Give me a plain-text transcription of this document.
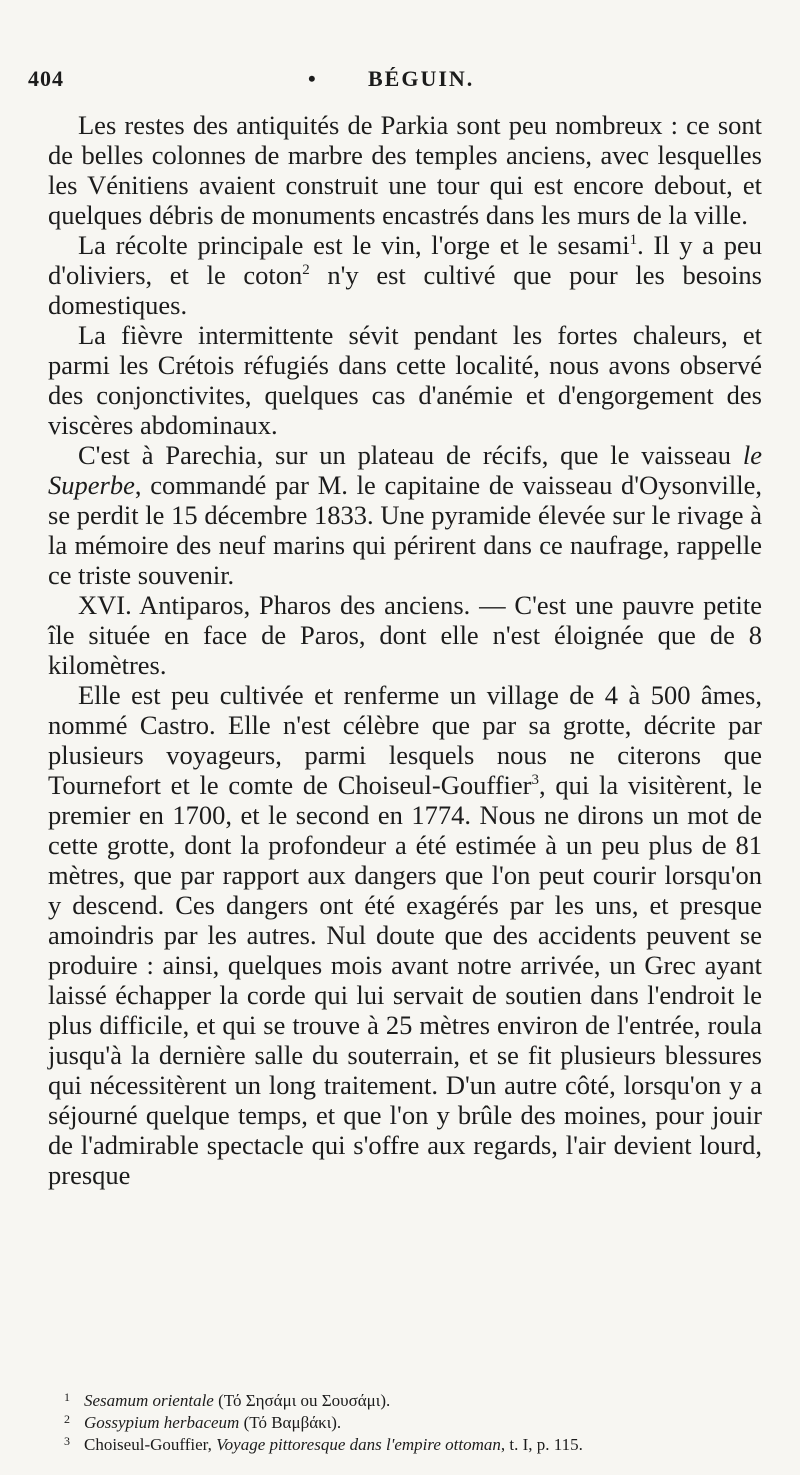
404	• BÉGUIN.

Les restes des antiquités de Parkia sont peu nombreux : ce sont de belles colonnes de marbre des temples anciens, avec lesquelles les Vénitiens avaient construit une tour qui est encore debout, et quelques débris de monuments encastrés dans les murs de la ville.

La récolte principale est le vin, l'orge et le sesami$^1$. Il y a peu d'oliviers, et le coton$^2$ n'y est cultivé que pour les besoins domestiques.

La fièvre intermittente sévit pendant les fortes chaleurs, et parmi les Crétois réfugiés dans cette localité, nous avons observé des conjonctivites, quelques cas d'anémie et d'engorgement des viscères abdominaux.

C'est à Parechia, sur un plateau de récifs, que le vaisseau le Superbe, commandé par M. le capitaine de vaisseau d'Oysonville, se perdit le 15 décembre 1833. Une pyramide élevée sur le rivage à la mémoire des neuf marins qui périrent dans ce naufrage, rappelle ce triste souvenir.

XVI. Antiparos, Pharos des anciens. — C'est une pauvre petite île située en face de Paros, dont elle n'est éloignée que de 8 kilomètres.

Elle est peu cultivée et renferme un village de 4 à 500 âmes, nommé Castro. Elle n'est célèbre que par sa grotte, décrite par plusieurs voyageurs, parmi lesquels nous ne citerons que Tournefort et le comte de Choiseul-Gouffier$^3$, qui la visitèrent, le premier en 1700, et le second en 1774. Nous ne dirons un mot de cette grotte, dont la profondeur a été estimée à un peu plus de 81 mètres, que par rapport aux dangers que l'on peut courir lorsqu'on y descend. Ces dangers ont été exagérés par les uns, et presque amoindris par les autres. Nul doute que des accidents peuvent se produire : ainsi, quelques mois avant notre arrivée, un Grec ayant laissé échapper la corde qui lui servait de soutien dans l'endroit le plus difficile, et qui se trouve à 25 mètres environ de l'entrée, roula jusqu'à la dernière salle du souterrain, et se fit plusieurs blessures qui nécessitèrent un long traitement. D'un autre côté, lorsqu'on y a séjourné quelque temps, et que l'on y brûle des moines, pour jouir de l'admirable spectacle qui s'offre aux regards, l'air devient lourd, presque

1 Sesamum orientale (Τό Σησάμι ou Σουσάμι).
2 Gossypium herbaceum (Τό Βαμβάκι).
3 Choiseul-Gouffier, Voyage pittoresque dans l'empire ottoman, t. I, p. 115.
